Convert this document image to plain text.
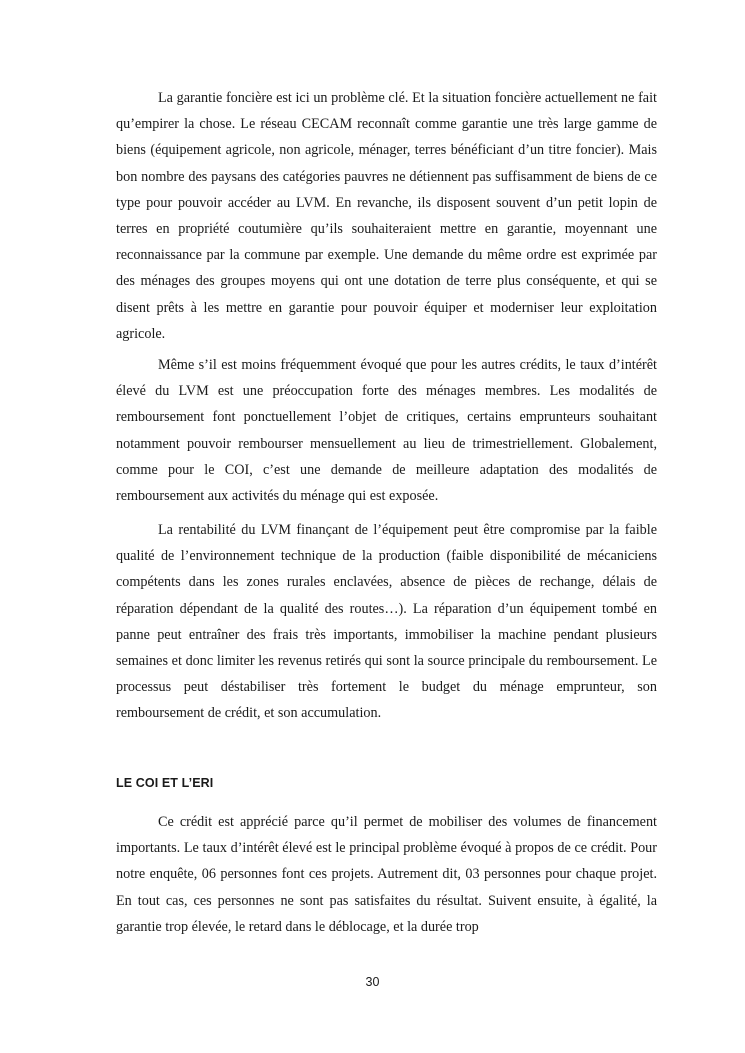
La garantie foncière est ici un problème clé. Et la situation foncière actuellement ne fait qu’empirer la chose. Le réseau CECAM reconnaît comme garantie une très large gamme de biens (équipement agricole, non agricole, ménager, terres bénéficiant d’un titre foncier). Mais bon nombre des paysans des catégories pauvres ne détiennent pas suffisamment de biens de ce type pour pouvoir accéder au LVM. En revanche, ils disposent souvent d’un petit lopin de terres en propriété coutumière qu’ils souhaiteraient mettre en garantie, moyennant une reconnaissance par la commune par exemple. Une demande du même ordre est exprimée par des ménages des groupes moyens qui ont une dotation de terre plus conséquente, et qui se disent prêts à les mettre en garantie pour pouvoir équiper et moderniser leur exploitation agricole.

Même s’il est moins fréquemment évoqué que pour les autres crédits, le taux d’intérêt élevé du LVM est une préoccupation forte des ménages membres. Les modalités de remboursement font ponctuellement l’objet de critiques, certains emprunteurs souhaitant notamment pouvoir rembourser mensuellement au lieu de trimestriellement. Globalement, comme pour le COI, c’est une demande de meilleure adaptation des modalités de remboursement aux activités du ménage qui est exposée.

La rentabilité du LVM finançant de l’équipement peut être compromise par la faible qualité de l’environnement technique de la production (faible disponibilité de mécaniciens compétents dans les zones rurales enclavées, absence de pièces de rechange, délais de réparation dépendant de la qualité des routes…). La réparation d’un équipement tombé en panne peut entraîner des frais très importants, immobiliser la machine pendant plusieurs semaines et donc limiter les revenus retirés qui sont la source principale du remboursement. Le processus peut déstabiliser très fortement le budget du ménage emprunteur, son remboursement de crédit, et son accumulation.

LE COI ET L’ERI

Ce crédit est apprécié parce qu’il permet de mobiliser des volumes de financement importants. Le taux d’intérêt élevé est le principal problème évoqué à propos de ce crédit. Pour notre enquête, 06 personnes font ces projets. Autrement dit, 03 personnes pour chaque projet. En tout cas, ces personnes ne sont pas satisfaites du résultat. Suivent ensuite, à égalité, la garantie trop élevée, le retard dans le déblocage, et la durée trop

30
